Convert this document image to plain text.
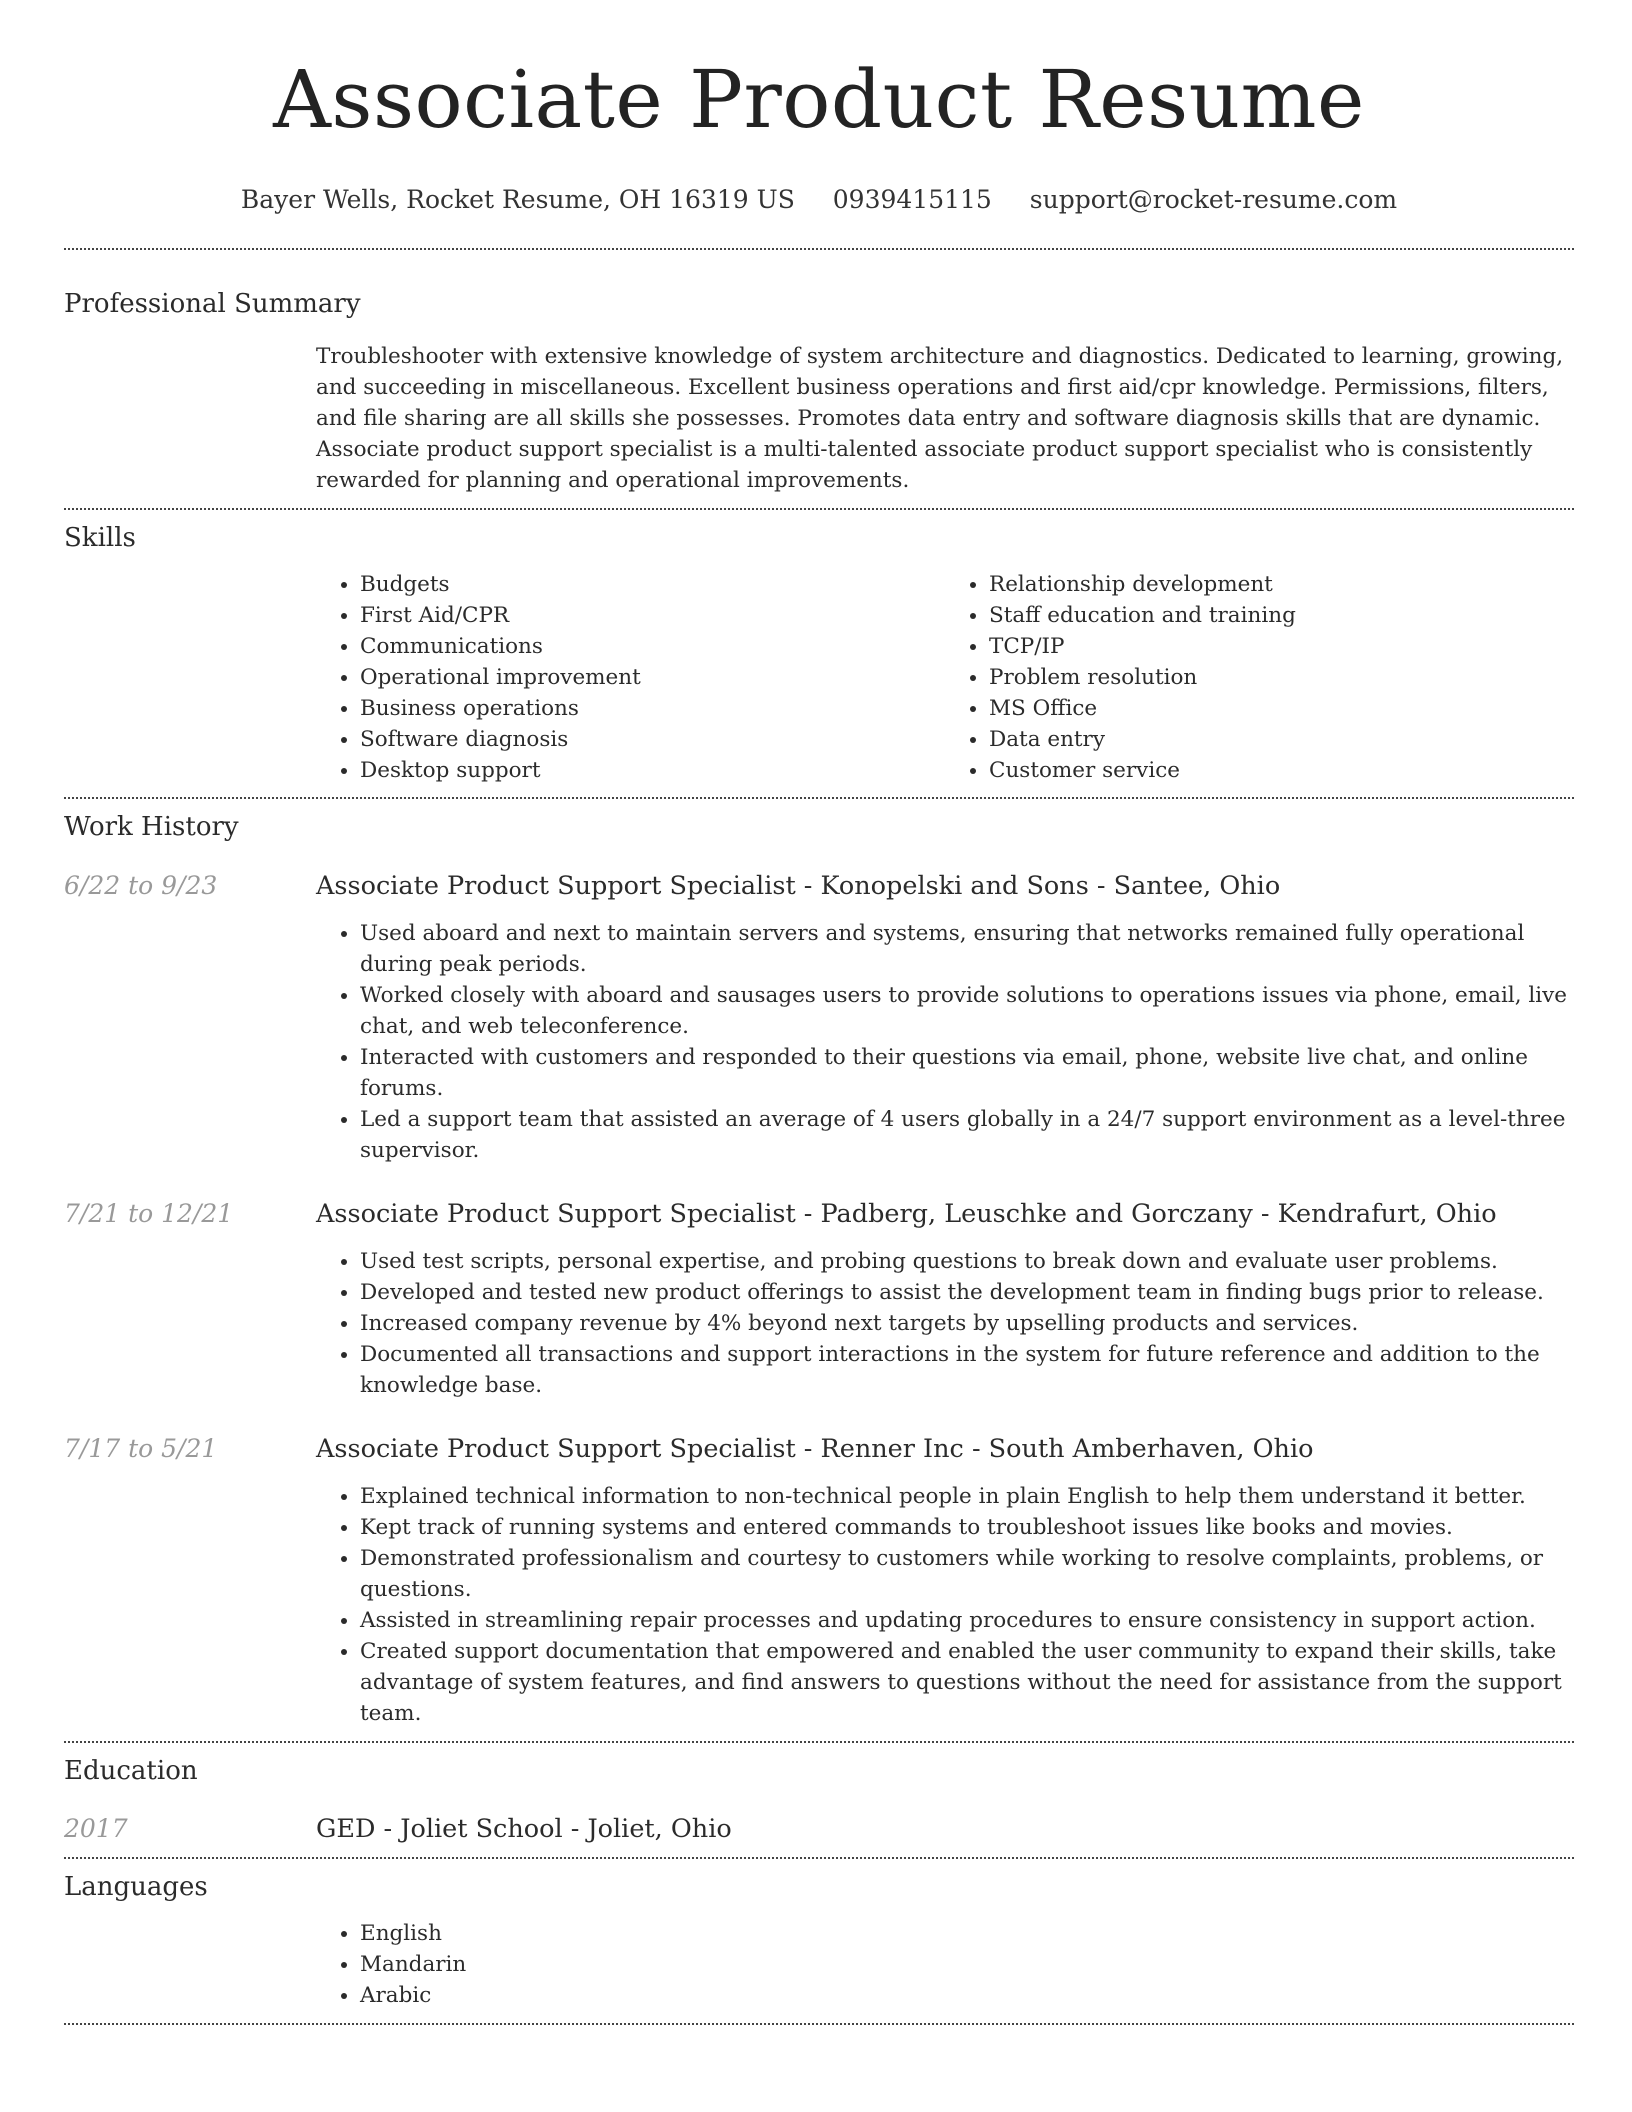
Associate Product Resume
Bayer Wells, Rocket Resume, OH 16319 US 0939415115 support@rocket-resume.com
Professional Summary
Troubleshooter with extensive knowledge of system architecture and diagnostics. Dedicated to learning, growing, and succeeding in miscellaneous. Excellent business operations and first aid/cpr knowledge. Permissions, filters, and file sharing are all skills she possesses. Promotes data entry and software diagnosis skills that are dynamic. Associate product support specialist is a multi-talented associate product support specialist who is consistently rewarded for planning and operational improvements.
Skills
• Budgets
• First Aid/CPR
• Communications
• Operational improvement
• Business operations
• Software diagnosis
• Desktop support
• Relationship development
• Staff education and training
• TCP/IP
• Problem resolution
• MS Office
• Data entry
• Customer service
Work History
6/22 to 9/23	Associate Product Support Specialist - Konopelski and Sons - Santee, Ohio
• Used aboard and next to maintain servers and systems, ensuring that networks remained fully operational during peak periods.
• Worked closely with aboard and sausages users to provide solutions to operations issues via phone, email, live chat, and web teleconference.
• Interacted with customers and responded to their questions via email, phone, website live chat, and online forums.
• Led a support team that assisted an average of 4 users globally in a 24/7 support environment as a level-three supervisor.
7/21 to 12/21	Associate Product Support Specialist - Padberg, Leuschke and Gorczany - Kendrafurt, Ohio
• Used test scripts, personal expertise, and probing questions to break down and evaluate user problems.
• Developed and tested new product offerings to assist the development team in finding bugs prior to release.
• Increased company revenue by 4% beyond next targets by upselling products and services.
• Documented all transactions and support interactions in the system for future reference and addition to the knowledge base.
7/17 to 5/21	Associate Product Support Specialist - Renner Inc - South Amberhaven, Ohio
• Explained technical information to non-technical people in plain English to help them understand it better.
• Kept track of running systems and entered commands to troubleshoot issues like books and movies.
• Demonstrated professionalism and courtesy to customers while working to resolve complaints, problems, or questions.
• Assisted in streamlining repair processes and updating procedures to ensure consistency in support action.
• Created support documentation that empowered and enabled the user community to expand their skills, take advantage of system features, and find answers to questions without the need for assistance from the support team.
Education
2017	GED - Joliet School - Joliet, Ohio
Languages
• English
• Mandarin
• Arabic
